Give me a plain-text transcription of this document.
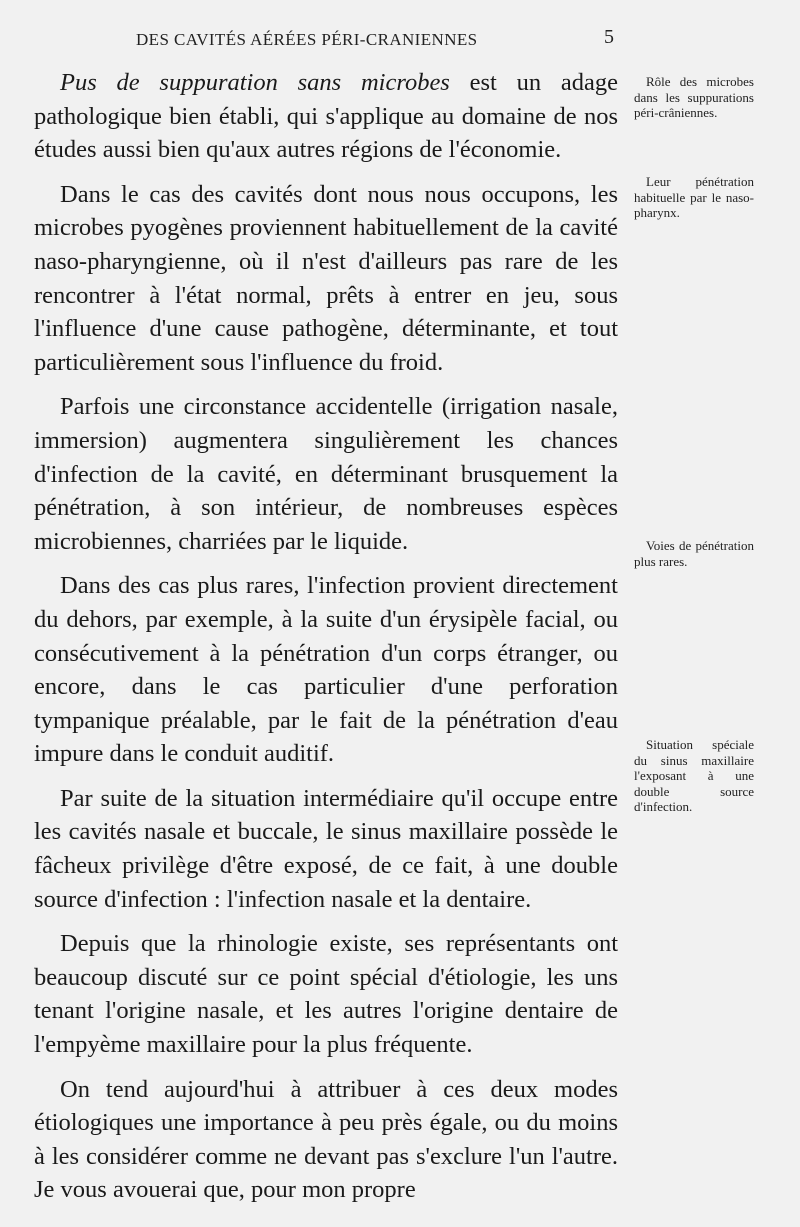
DES CAVITÉS AÉRÉES PÉRI-CRANIENNES	5

Pus de suppuration sans microbes est un adage pathologique bien établi, qui s'applique au domaine de nos études aussi bien qu'aux autres régions de l'économie.

Dans le cas des cavités dont nous nous occupons, les microbes pyogènes proviennent habituellement de la cavité naso-pharyngienne, où il n'est d'ailleurs pas rare de les rencontrer à l'état normal, prêts à entrer en jeu, sous l'influence d'une cause pathogène, déterminante, et tout particulièrement sous l'influence du froid.

Parfois une circonstance accidentelle (irrigation nasale, immersion) augmentera singulièrement les chances d'infection de la cavité, en déterminant brusquement la pénétration, à son intérieur, de nombreuses espèces microbiennes, charriées par le liquide.

Dans des cas plus rares, l'infection provient directement du dehors, par exemple, à la suite d'un érysipèle facial, ou consécutivement à la pénétration d'un corps étranger, ou encore, dans le cas particulier d'une perforation tympanique préalable, par le fait de la pénétration d'eau impure dans le conduit auditif.

Par suite de la situation intermédiaire qu'il occupe entre les cavités nasale et buccale, le sinus maxillaire possède le fâcheux privilège d'être exposé, de ce fait, à une double source d'infection : l'infection nasale et la dentaire.

Depuis que la rhinologie existe, ses représentants ont beaucoup discuté sur ce point spécial d'étiologie, les uns tenant l'origine nasale, et les autres l'origine dentaire de l'empyème maxillaire pour la plus fréquente.

On tend aujourd'hui à attribuer à ces deux modes étiologiques une importance à peu près égale, ou du moins à les considérer comme ne devant pas s'exclure l'un l'autre. Je vous avouerai que, pour mon propre

Rôle des microbes dans les suppurations péri-crâniennes.
Leur pénétration habituelle par le naso-pharynx.
Voies de pénétration plus rares.
Situation spéciale du sinus maxillaire l'exposant à une double source d'infection.
